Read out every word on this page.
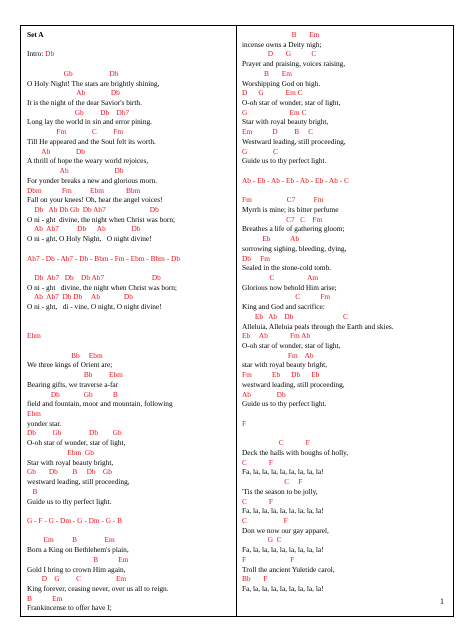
Set A
Intro: Db
Gb                    Db
O Holy Night! The stars are brightly shining,
Ab              Db
It is the night of the dear Savior's birth.
Gb         Db    Db7
Long lay the world in sin and error pining.
Fm              C         Fm
Till He appeared and the Soul felt its worth.
Ab              Db
A thrill of hope the weary world rejoices,
Ab                         Db
For yonder breaks a new and glorious morn.
Dbm           Fm          Ebm            Bbm
Fall on your knees! Oh, hear the angel voices!
Db   Ab Db Gb  Db Ab7                        Db
O ni - ght  divine, the night when Christ was born;
Ab  Ab7          Db      Ab              Db
O ni - ght, O Holy Night,   O night divine!
Ab7 - Db - Ab7 - Db - Bbm - Fm - Ebm - Bbm - Db
Db  Ab7   Db    Db Ab7                          Db
O ni - ght   divine, the night when Christ was born;
Ab  Ab7  Db Db     Ab             Db
O ni - ght,   di - vine, O night, O night divine!
Ebm
Bb     Ebm
We three kings of Orient are;
Bb         Ebm
Bearing gifts, we traverse a-far
Db             Gb           B
field and fountain, moor and mountain, following
Ebm
yonder star.
Db         Gb               Db        Gb
O-oh star of wonder, star of light,
Ebm  Gb
Star with royal beauty bright,
Gb       Db        B     Db    Gb
westward leading, still proceeding,
B
Guide us to thy perfect light.
G - F - G - Dm - G - Dm - G - B
Em          B               Em
Born a King on Bethlehem's plain,
B           Em
Gold I bring to crown Him again,
D    G         C                   Em
King forever, ceasing never, over us all to reign.
B           Em
Frankincense to offer have I;
B       Em
incense owns a Deity nigh;
D       G           C
Prayer and praising, voices raising,
B       Em
Worshipping God on high.
D      G            Em C
O-oh star of wonder, star of light,
G                       Em C
Star with royal beauty bright,
Em           D         B     C
Westward leading, still proceeding,
G              C
Guide us to thy perfect light.
Ab - Eb - Ab - Eb - Ab - Eb - Ab - C
Fm                   C7          Fm
Myrrh is mine; its bitter perfume
C7   C    Fm
Breathes a life of gathering gloom;
Eb           Ab
sorrowing sighing, bleeding, dying,
Db     Fm
Sealed in the stone-cold tomb.
C                  Am
Glorious now behold Him arise;
C           Fm
King and God and sacrifice:
Eb   Ab    Db                           C
Alleluia, Alleluia peals through the Earth and skies.
Eb     Ab            Fm Ab
O-oh star of wonder, star of light,
Fm    Ab
star with royal beauty bright,
Fm           Eb      Db      Eb
westward leading, still proceeding,
Ab              Db
Guide us to thy perfect light.
F
C            F
Deck the halls with boughs of holly,
C            F
Fa, la, la, la, la, la, la, la, la!
C     F
'Tis the season to be jolly,
C            F
Fa, la, la, la, la, la, la, la, la!
C                    F
Don we now our gay apparel,
G  C
Fa, la, la, la, la, la, la, la, la!
F                        F
Troll the ancient Yuletide carol,
Bb       F
Fa, la, la, la, la, la, la, la, la!
1
